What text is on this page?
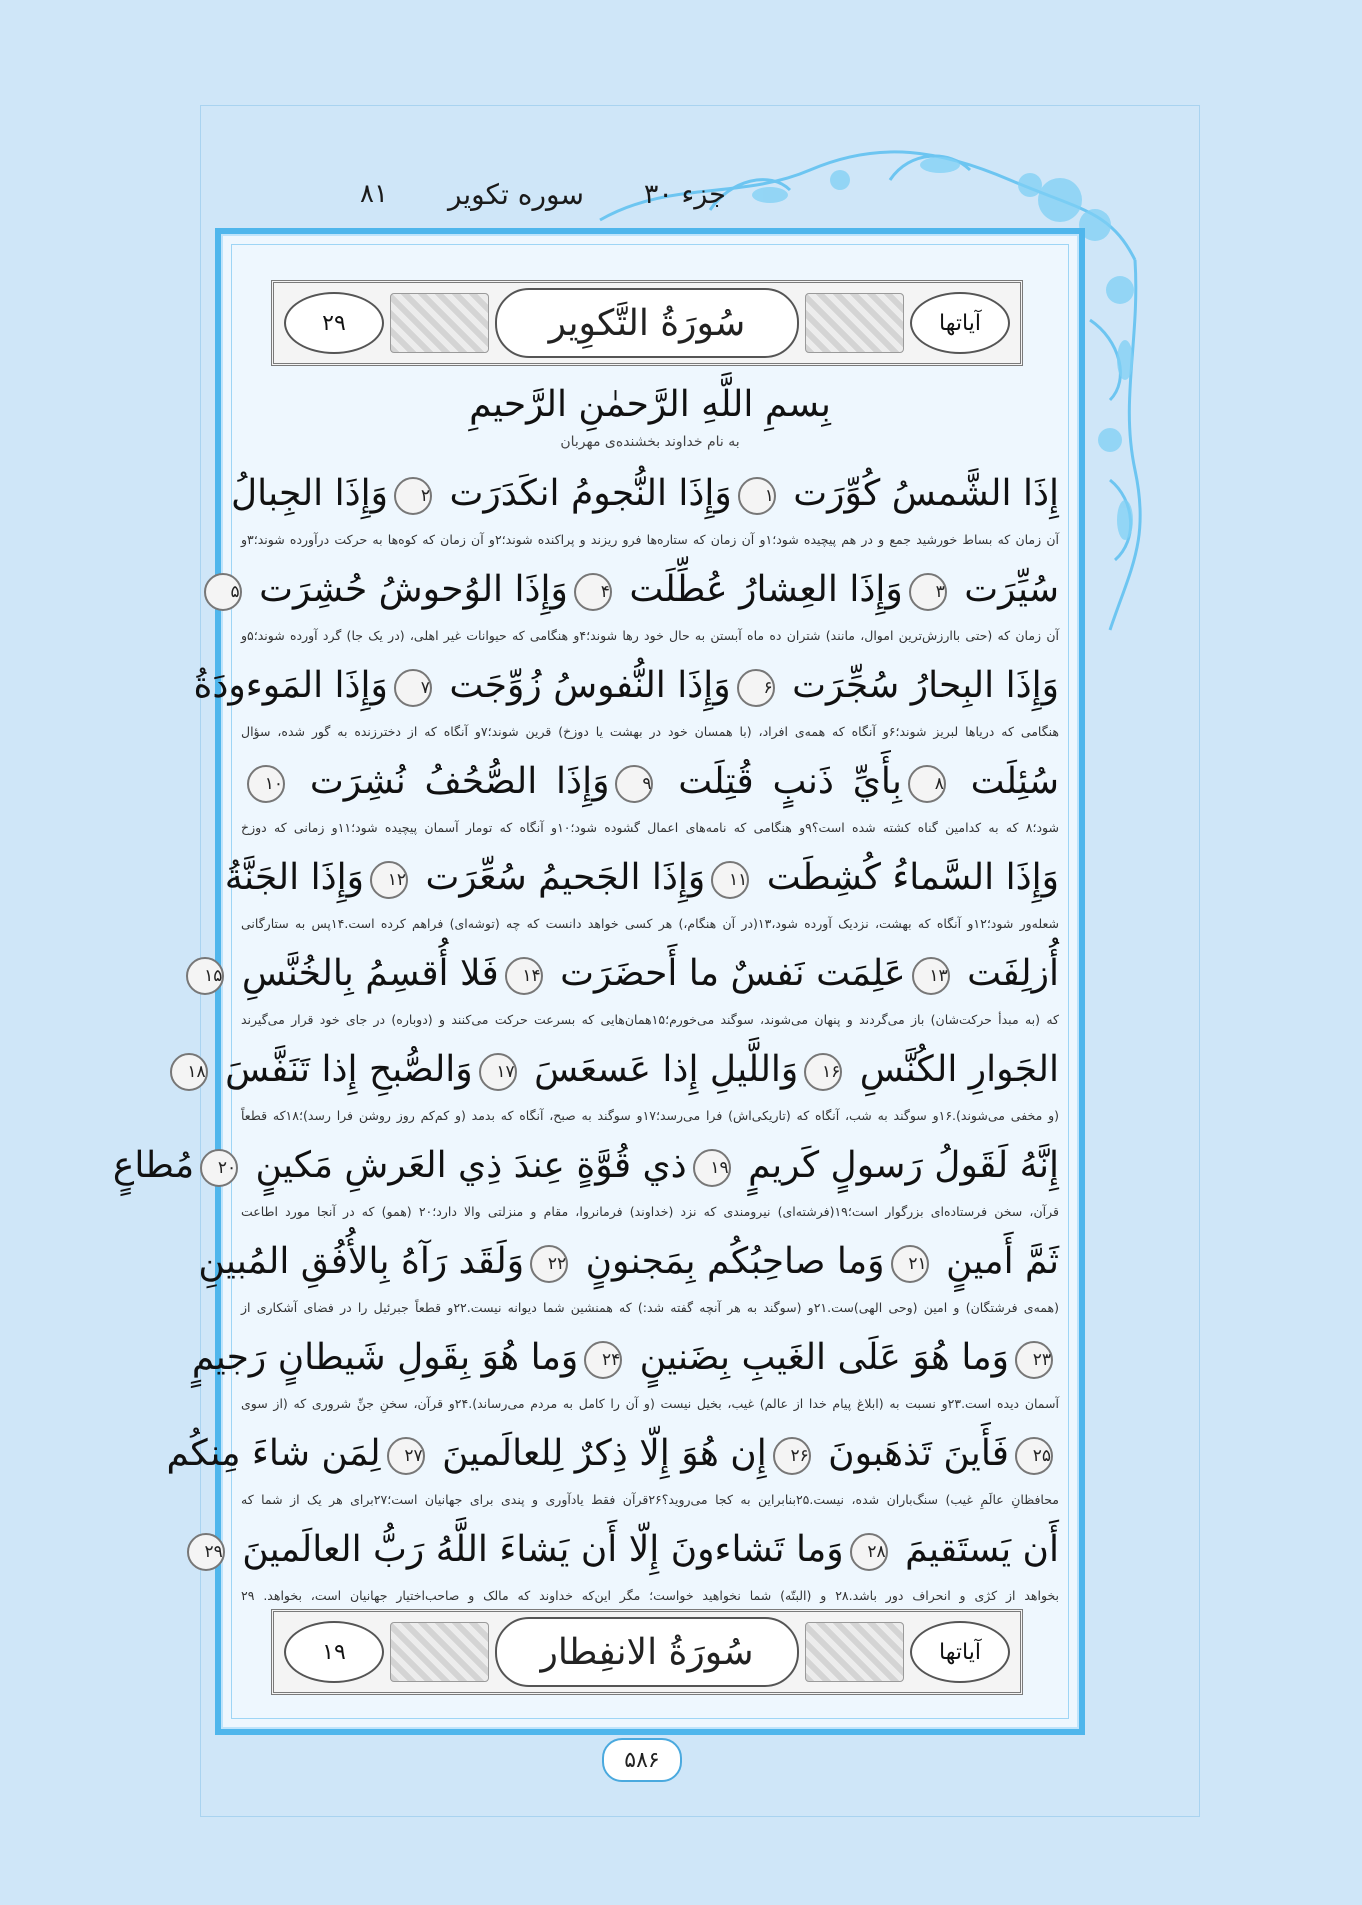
جزء ۳۰
سوره تکویر
۸۱
۲۹	سُورَةُ التَّكوِير	آیاتها
بِسمِ اللَّهِ الرَّحمٰنِ الرَّحيمِ
به نام خداوند بخشنده‌ی مهربان
إِذَا الشَّمسُ كُوِّرَت ۱وَإِذَا النُّجومُ انكَدَرَت ۲وَإِذَا الجِبالُ
آن زمان که بساط خورشید جمع و در هم پیچیده شود؛۱و آن زمان که ستاره‌ها فرو ریزند و پراکنده شوند؛۲و آن زمان که کوه‌ها به حرکت درآورده شوند؛۳و
سُيِّرَت ۳وَإِذَا العِشارُ عُطِّلَت ۴وَإِذَا الوُحوشُ حُشِرَت ۵
آن زمان که (حتی باارزش‌ترین اموال، مانند) شتران ده ماه آبستن به حال خود رها شوند؛۴و هنگامی که حیوانات غیر اهلی، (در یک جا) گرد آورده شوند؛۵و
وَإِذَا البِحارُ سُجِّرَت ۶وَإِذَا النُّفوسُ زُوِّجَت ۷وَإِذَا المَوءودَةُ
هنگامی که دریاها لبریز شوند؛۶و آنگاه که همه‌ی افراد، (با همسان خود در بهشت یا دوزخ) قرین شوند؛۷و آنگاه که از دخترزنده به گور شده، سؤال
سُئِلَت ۸بِأَيِّ ذَنبٍ قُتِلَت ۹وَإِذَا الصُّحُفُ نُشِرَت ۱۰
شود؛۸ که به کدامین گناه کشته شده است؟۹و هنگامی که نامه‌های اعمال گشوده شود؛۱۰و آنگاه که تومار آسمان پیچیده شود؛۱۱و زمانی که دوزخ
وَإِذَا السَّماءُ كُشِطَت ۱۱وَإِذَا الجَحيمُ سُعِّرَت ۱۲وَإِذَا الجَنَّةُ
شعله‌ور شود؛۱۲و آنگاه که بهشت، نزدیک آورده شود،۱۳(در آن هنگام،) هر کسی خواهد دانست که چه (توشه‌ای) فراهم کرده است.۱۴پس به ستارگانی
أُزلِفَت ۱۳عَلِمَت نَفسٌ ما أَحضَرَت ۱۴فَلا أُقسِمُ بِالخُنَّسِ ۱۵
که (به مبدأ حرکت‌شان) باز می‌گردند و پنهان می‌شوند، سوگند می‌خورم؛۱۵همان‌هایی که بسرعت حرکت می‌کنند و (دوباره) در جای خود قرار می‌گیرند
الجَوارِ الكُنَّسِ ۱۶وَاللَّيلِ إِذا عَسعَسَ ۱۷وَالصُّبحِ إِذا تَنَفَّسَ ۱۸
(و مخفی می‌شوند).۱۶و سوگند به شب، آنگاه که (تاریکی‌اش) فرا می‌رسد؛۱۷و سوگند به صبح، آنگاه که بدمد (و کم‌کم روز روشن فرا رسد)؛۱۸که قطعاً
إِنَّهُ لَقَولُ رَسولٍ كَريمٍ ۱۹ذي قُوَّةٍ عِندَ ذِي العَرشِ مَكينٍ ۲۰مُطاعٍ
قرآن، سخن فرستاده‌ای بزرگوار است؛۱۹(فرشته‌ای) نیرومندی که نزد (خداوند) فرمانروا، مقام و منزلتی والا دارد؛۲۰ (همو) که در آنجا مورد اطاعت
ثَمَّ أَمينٍ ۲۱وَما صاحِبُكُم بِمَجنونٍ ۲۲وَلَقَد رَآهُ بِالأُفُقِ المُبينِ
(همه‌ی فرشتگان) و امین (وحی الهی)ست.۲۱و (سوگند به هر آنچه گفته شد:) که همنشین شما دیوانه نیست.۲۲و قطعاً جبرئیل را در فضای آشکاری از
۲۳وَما هُوَ عَلَى الغَيبِ بِضَنينٍ ۲۴وَما هُوَ بِقَولِ شَيطانٍ رَجيمٍ
آسمان دیده است.۲۳و نسبت به (ابلاغ پیام خدا از عالم) غیب، بخیل نیست (و آن را کامل به مردم می‌رساند).۲۴و قرآن، سخنِ جنِّ شروری که (از سوی
۲۵فَأَينَ تَذهَبونَ ۲۶إِن هُوَ إِلّا ذِكرٌ لِلعالَمينَ ۲۷لِمَن شاءَ مِنكُم
محافظانِ عالَمِ غیب) سنگ‌باران شده، نیست.۲۵بنابراین به کجا می‌روید؟۲۶قرآن فقط یادآوری و پندی برای جهانیان است؛۲۷برای هر یک از شما که
أَن يَستَقيمَ ۲۸وَما تَشاءونَ إِلّا أَن يَشاءَ اللَّهُ رَبُّ العالَمينَ ۲۹
بخواهد از کژی و انحراف دور باشد.۲۸ و (البتّه) شما نخواهید خواست؛ مگر این‌که خداوند که مالک و صاحب‌اختیار جهانیان است، بخواهد. ۲۹
۱۹	سُورَةُ الانفِطار	آیاتها
۵۸۶
